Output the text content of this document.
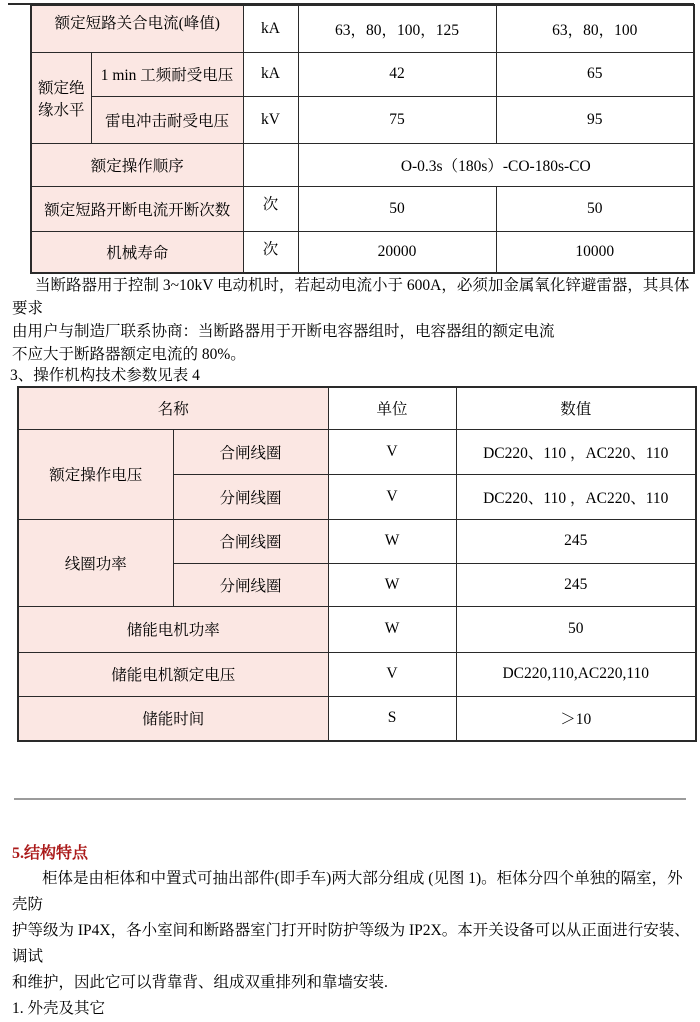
额定短路关合电流(峰值)		kA	63，80，100，125	63，80，100
额定绝缘水平	1 min 工频耐受电压	kA	42	65
	雷电冲击耐受电压	kV	75	95
额定操作顺序			O-0.3s（180s）-CO-180s-CO	
额定短路开断电流开断次数		次	50	50
机械寿命		次	20000	10000
当断路器用于控制 3~10kV 电动机时，若起动电流小于 600A，必须加金属氧化锌避雷器，其具体要求
由用户与制造厂联系协商：当断路器用于开断电容器组时，电容器组的额定电流
不应大于断路器额定电流的 80%。
3、操作机构技术参数见表 4
名称		单位	数值
额定操作电压	合闸线圈	V	DC220、110 ，AC220、110
	分闸线圈	V	DC220、110 ，AC220、110
线圈功率	合闸线圈	W	245
	分闸线圈	W	245
储能电机功率		W	50
储能电机额定电压		V	DC220,110,AC220,110
储能时间		S	＞10
5.结构特点
柜体是由柜体和中置式可抽出部件(即手车)两大部分组成 (见图 1)。柜体分四个单独的隔室，外壳防
护等级为 IP4X，各小室间和断路器室门打开时防护等级为 IP2X。本开关设备可以从正面进行安装、调试
和维护，因此它可以背靠背、组成双重排列和靠墙安装.
1. 外壳及其它
